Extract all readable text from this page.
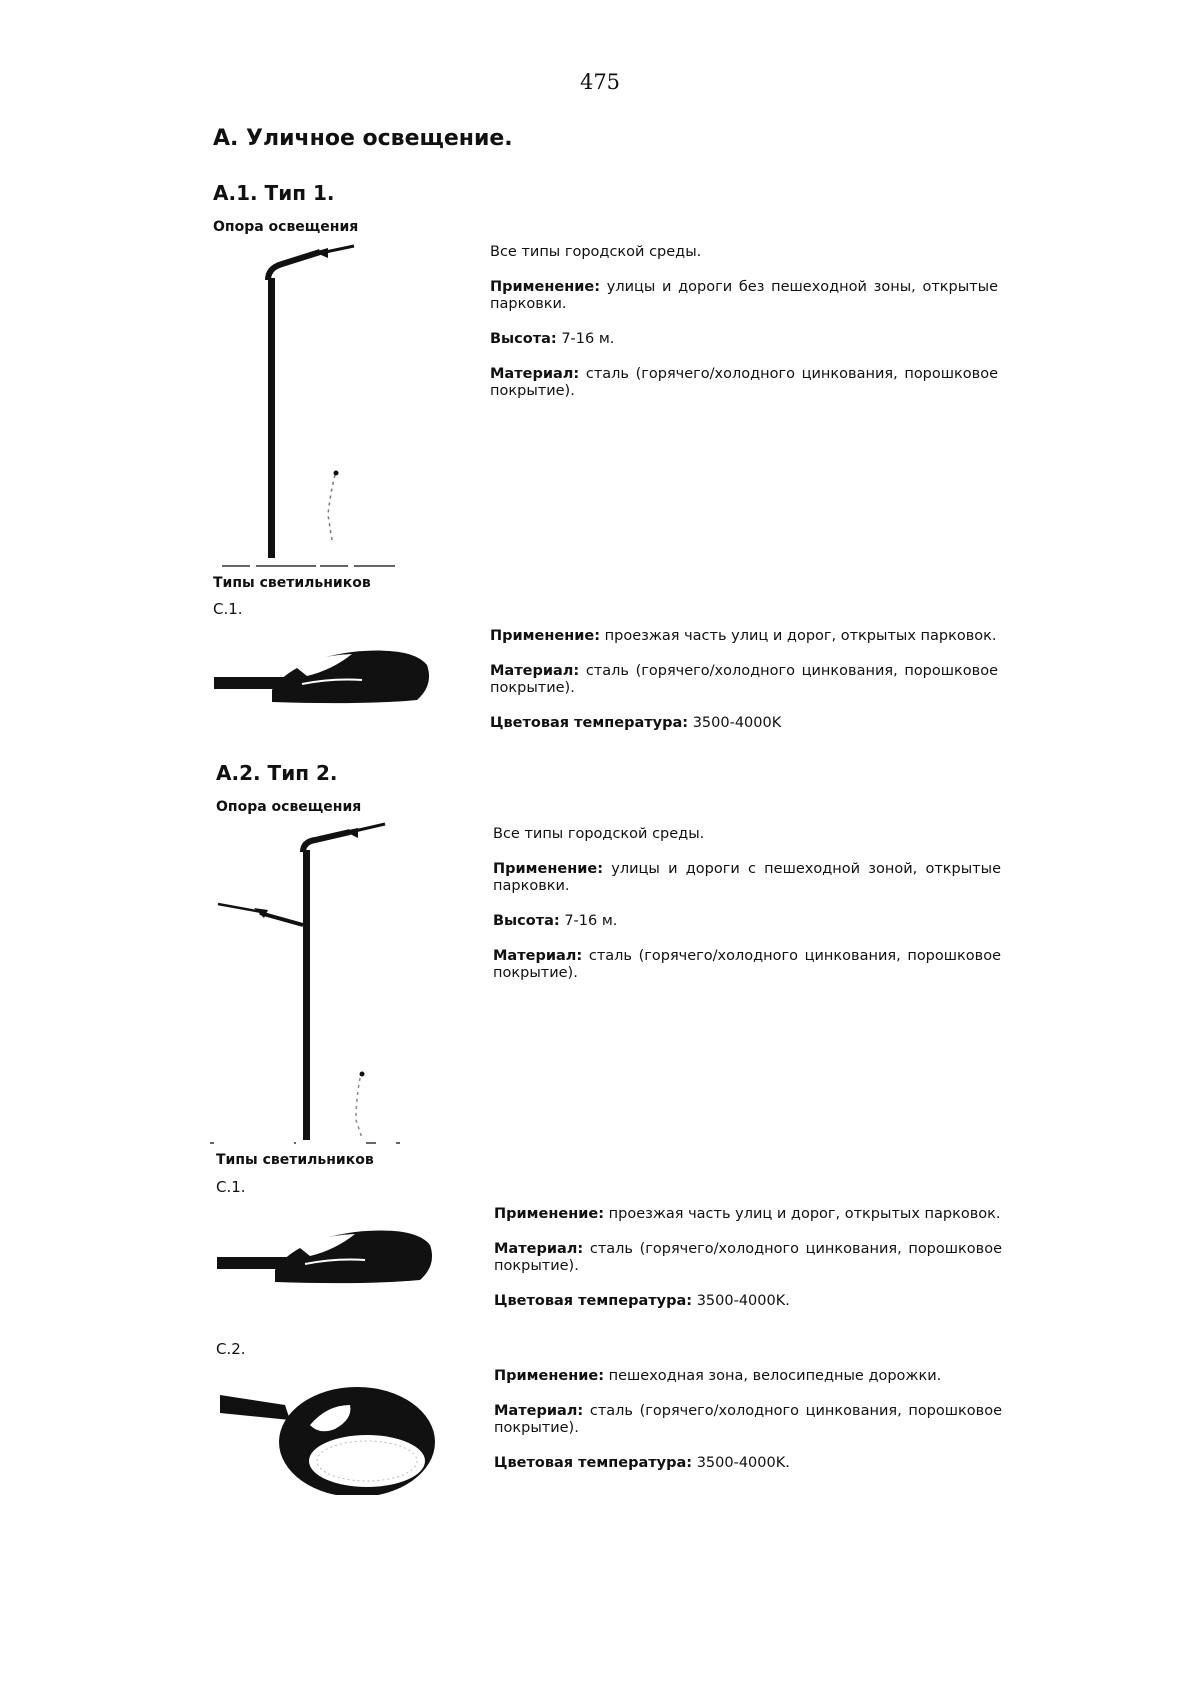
475
А. Уличное освещение.
А.1. Тип 1.
Опора освещения

Все типы городской среды.

Применение: улицы и дороги без пешеходной зоны, открытые парковки.

Высота: 7-16 м.

Материал: сталь (горячего/холодного цинкования, порошковое покрытие).

Типы светильников
С.1.

Применение: проезжая часть улиц и дорог, открытых парковок.

Материал: сталь (горячего/холодного цинкования, порошковое покрытие).

Цветовая температура: 3500-4000K

А.2. Тип 2.
Опора освещения

Все типы городской среды.

Применение: улицы и дороги с пешеходной зоной, открытые парковки.

Высота: 7-16 м.

Материал: сталь (горячего/холодного цинкования, порошковое покрытие).

Типы светильников
С.1.

Применение: проезжая часть улиц и дорог, открытых парковок.

Материал: сталь (горячего/холодного цинкования, порошковое покрытие).

Цветовая температура: 3500-4000K.

С.2.

Применение: пешеходная зона, велосипедные дорожки.

Материал: сталь (горячего/холодного цинкования, порошковое покрытие).

Цветовая температура: 3500-4000K.
